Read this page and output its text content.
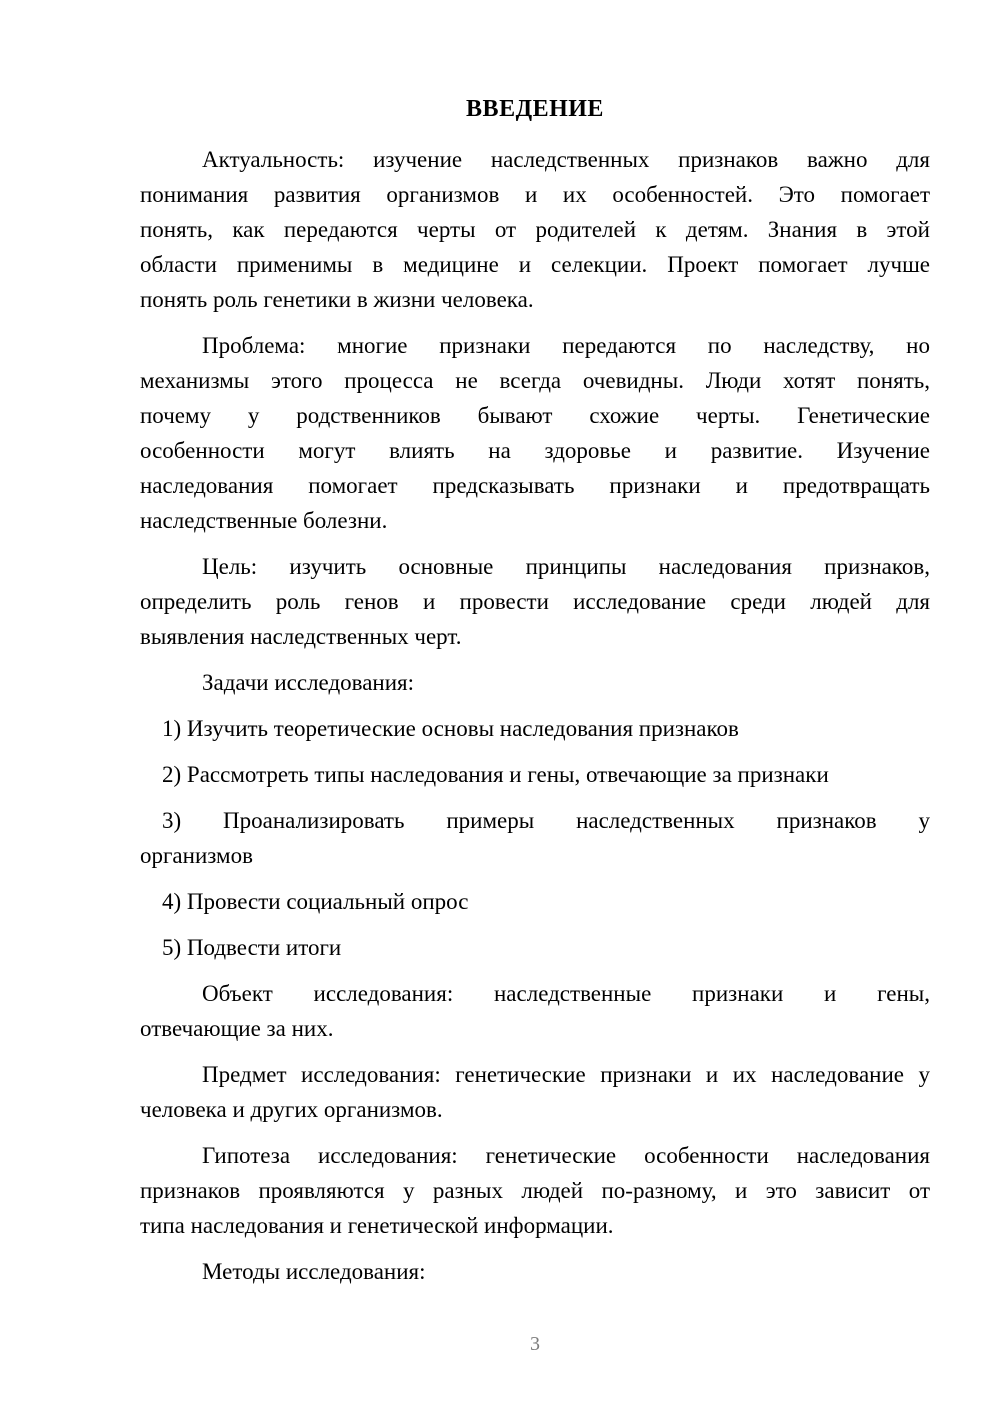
ВВЕДЕНИЕ

Актуальность: изучение наследственных признаков важно для
понимания развития организмов и их особенностей. Это помогает
понять, как передаются черты от родителей к детям. Знания в этой
области применимы в медицине и селекции. Проект помогает лучше
понять роль генетики в жизни человека.

Проблема: многие признаки передаются по наследству, но
механизмы этого процесса не всегда очевидны. Люди хотят понять,
почему у родственников бывают схожие черты. Генетические
особенности могут влиять на здоровье и развитие. Изучение
наследования помогает предсказывать признаки и предотвращать
наследственные болезни.

Цель: изучить основные принципы наследования признаков,
определить роль генов и провести исследование среди людей для
выявления наследственных черт.

Задачи исследования:

1) Изучить теоретические основы наследования признаков

2) Рассмотреть типы наследования и гены, отвечающие за признаки

3) Проанализировать примеры наследственных признаков у
организмов

4) Провести социальный опрос

5) Подвести итоги

Объект исследования: наследственные признаки и гены,
отвечающие за них.

Предмет исследования: генетические признаки и их наследование у
человека и других организмов.

Гипотеза исследования: генетические особенности наследования
признаков проявляются у разных людей по-разному, и это зависит от
типа наследования и генетической информации.

Методы исследования:

3
